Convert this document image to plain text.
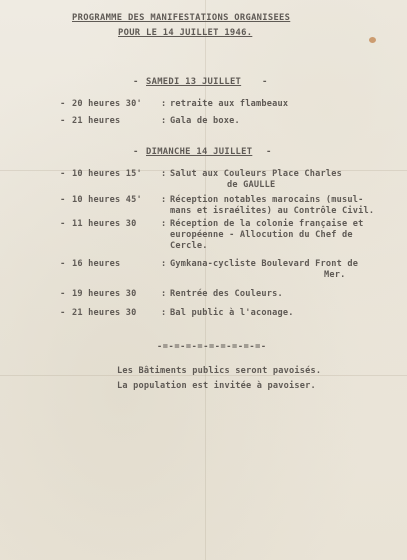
PROGRAMME DES MANIFESTATIONS ORGANISEES
POUR LE 14 JUILLET 1946.
- SAMEDI 13 JUILLET -
- 20 heures 30' : retraite aux flambeaux
- 21 heures	: Gala de boxe.
- DIMANCHE 14 JUILLET -
- 10 heures 15' : Salut aux Couleurs Place Charles
de GAULLE
- 10 heures 45' : Réception notables marocains (musul-
mans et israélites) au Contrôle Civil.
- 11 heures 30	: Réception de la colonie française et
européenne - Allocution du Chef de
Cercle.
- 16 heures	: Gymkana-cycliste Boulevard Front de
Mer.
- 19 heures 30	: Rentrée des Couleurs.
- 21 heures 30	: Bal public à l'aconage.
-=-=-=-=-=-=-=-=-=-
Les Bâtiments publics seront pavoisés.
La population est invitée à pavoiser.
